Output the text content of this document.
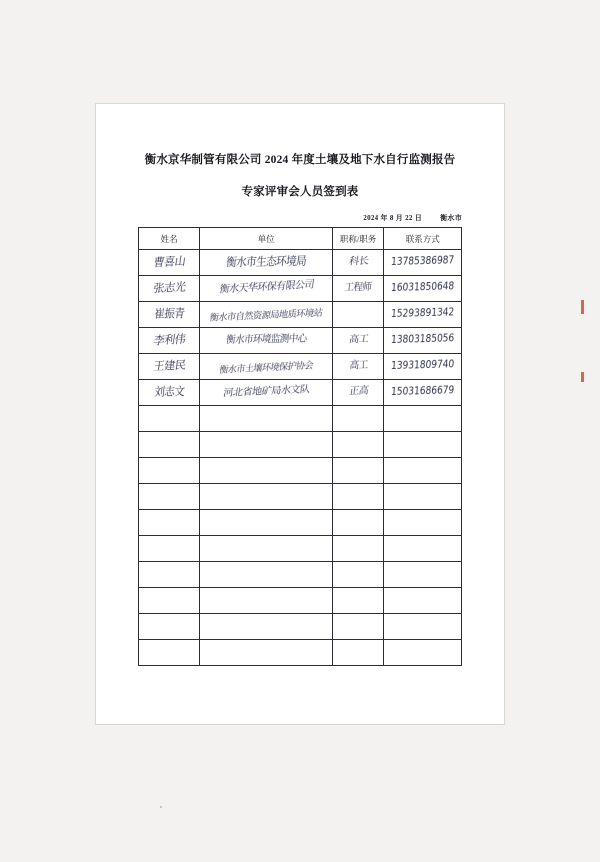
衡水京华制管有限公司 2024 年度土壤及地下水自行监测报告
专家评审会人员签到表
2024 年 8 月 22 日	衡水市
姓名	单位	职称/职务	联系方式

曹喜山	衡水市生态环境局	科长	13785386987

张志光	衡水天华环保有限公司	工程师	16031850648

崔振青	衡水市自然资源局地质环境站		15293891342

李利伟	衡水市环境监测中心	高工	13803185056

王建民	衡水市土壤环境保护协会	高工	13931809740

刘志文	河北省地矿局水文队	正高	15031686679
